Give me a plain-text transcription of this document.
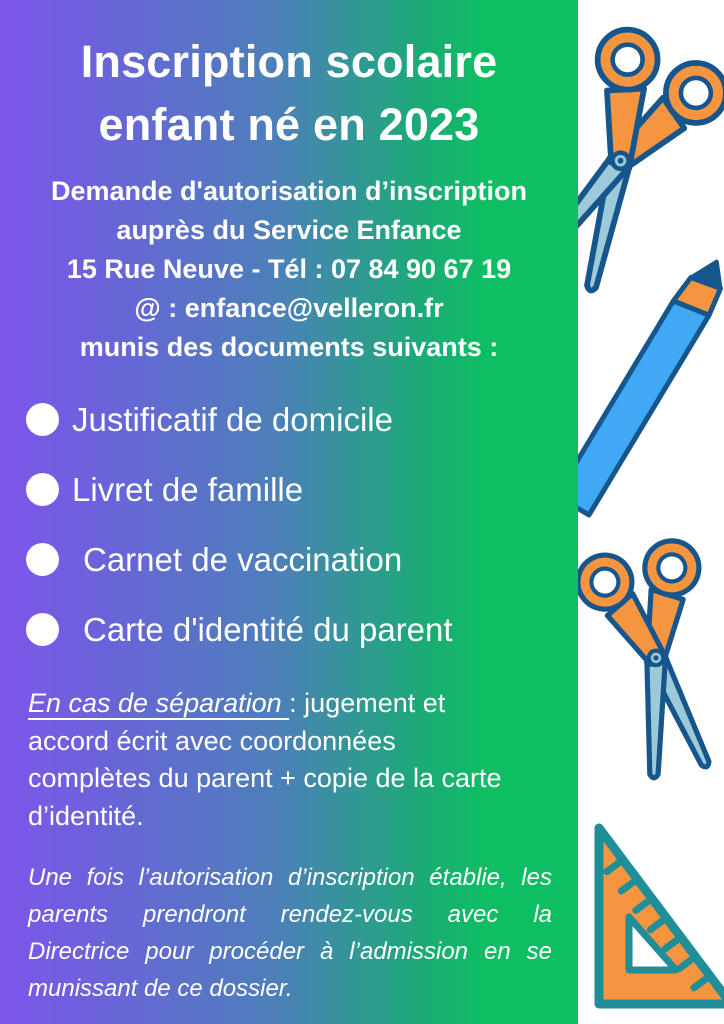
Inscription scolaire
enfant né en 2023
Demande d'autorisation d’inscription
auprès du Service Enfance
15 Rue Neuve - Tél : 07 84 90 67 19
@ : enfance@velleron.fr
munis des documents suivants :
Justificatif de domicile
Livret de famille
Carnet de vaccination
Carte d'identité du parent

En cas de séparation : jugement et
accord écrit avec coordonnées
complètes du parent + copie de la carte
d’identité.

Une fois l’autorisation d’inscription établie, les
parents prendront rendez-vous avec la
Directrice pour procéder à l’admission en se
munissant de ce dossier.
